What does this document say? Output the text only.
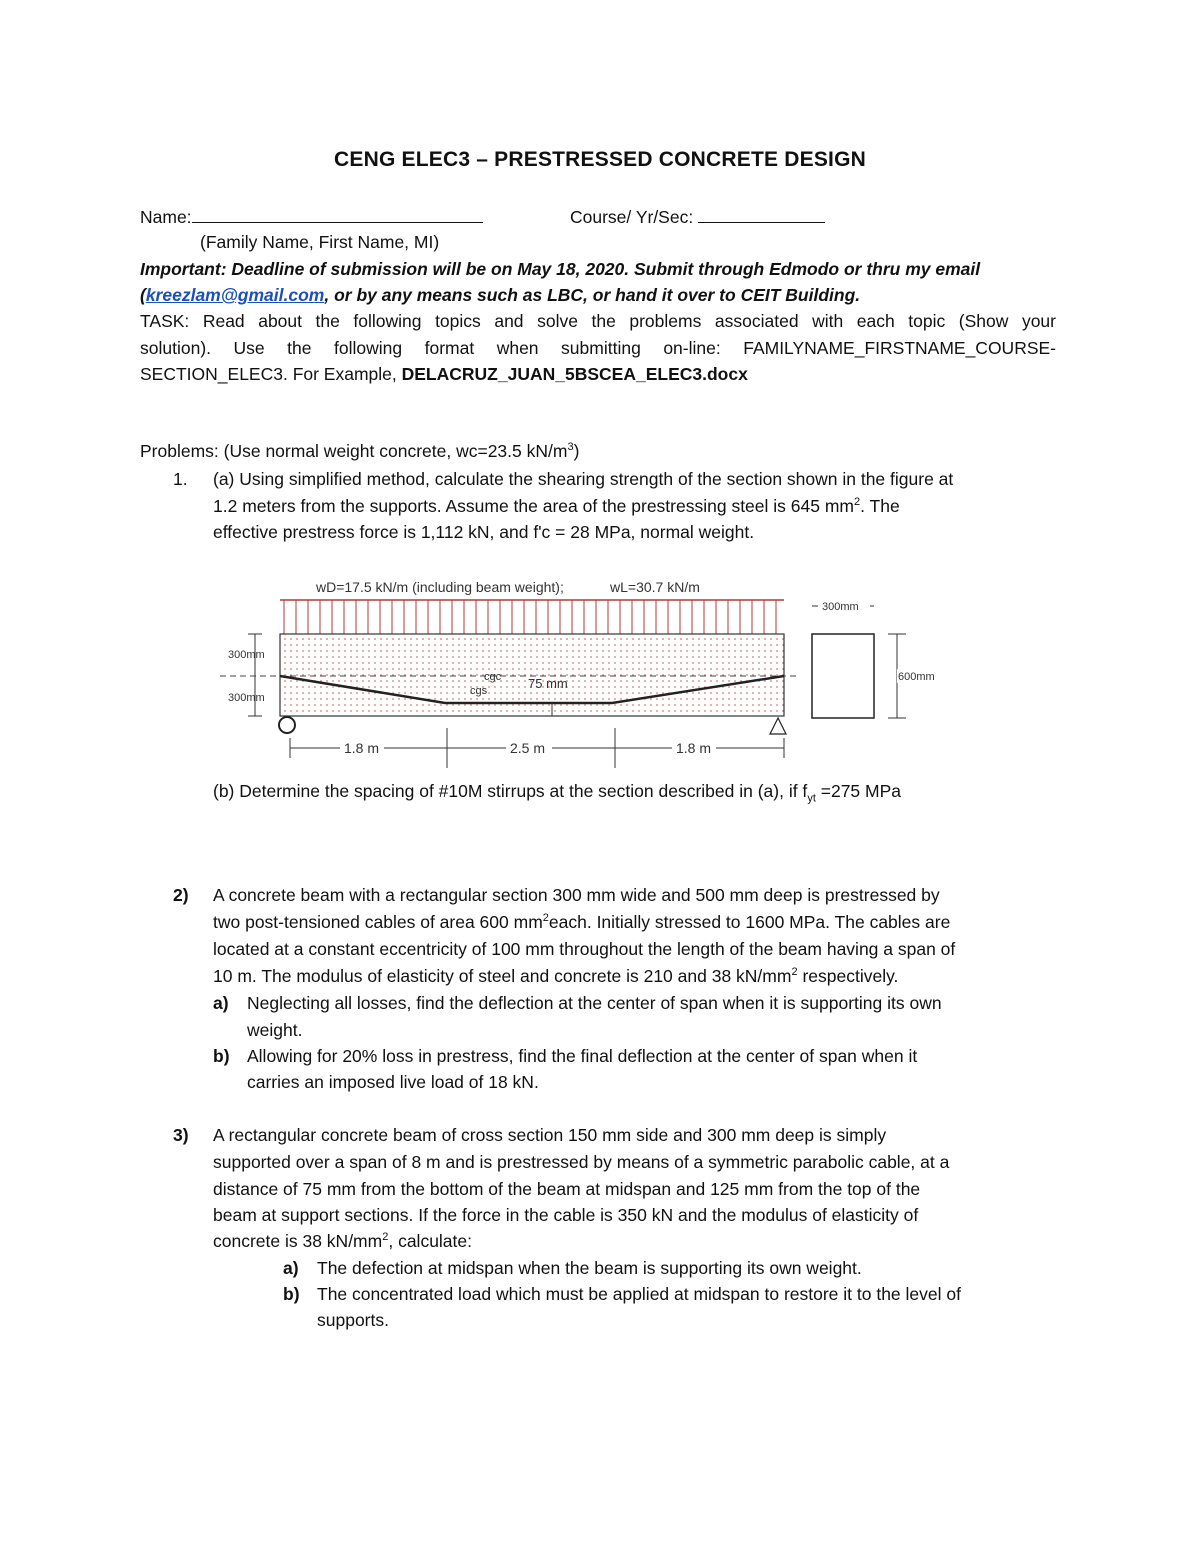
CENG ELEC3 – PRESTRESSED CONCRETE DESIGN
Name:	Course/ Yr/Sec:
(Family Name, First Name, MI)
Important: Deadline of submission will be on May 18, 2020. Submit through Edmodo or thru my email
(kreezlam@gmail.com, or by any means such as LBC, or hand it over to CEIT Building.
TASK: Read about the following topics and solve the problems associated with each topic (Show your
solution). Use the following format when submitting on-line: FAMILYNAME_FIRSTNAME_COURSE-
SECTION_ELEC3. For Example, DELACRUZ_JUAN_5BSCEA_ELEC3.docx
Problems: (Use normal weight concrete, wc=23.5 $kN/m^3$)
1. (a) Using simplified method, calculate the shearing strength of the section shown in the figure at
1.2 meters from the supports. Assume the area of the prestressing steel is 645 $mm^2$. The
effective prestress force is 1,112 kN, and f'c = 28 MPa, normal weight.
wD=17.5 kN/m (including beam weight);	wL=30.7 kN/m
300mm
300mm
cgc
cgs	75 mm
1.8 m	2.5 m	1.8 m
300mm
600mm
(b) Determine the spacing of #10M stirrups at the section described in (a), if $f_{yt} =275$ MPa
2) A concrete beam with a rectangular section 300 mm wide and 500 mm deep is prestressed by
two post-tensioned cables of area 600 $mm^2each$. Initially stressed to 1600 MPa. The cables are
located at a constant eccentricity of 100 mm throughout the length of the beam having a span of
10 m. The modulus of elasticity of steel and concrete is 210 and 38 $kN/mm^2$ respectively.
a) Neglecting all losses, find the deflection at the center of span when it is supporting its own
weight.
b) Allowing for 20% loss in prestress, find the final deflection at the center of span when it
carries an imposed live load of 18 kN.
3) A rectangular concrete beam of cross section 150 mm side and 300 mm deep is simply
supported over a span of 8 m and is prestressed by means of a symmetric parabolic cable, at a
distance of 75 mm from the bottom of the beam at midspan and 125 mm from the top of the
beam at support sections. If the force in the cable is 350 kN and the modulus of elasticity of
concrete is 38 $kN/mm^2$, calculate:
a) The defection at midspan when the beam is supporting its own weight.
b) The concentrated load which must be applied at midspan to restore it to the level of
supports.
